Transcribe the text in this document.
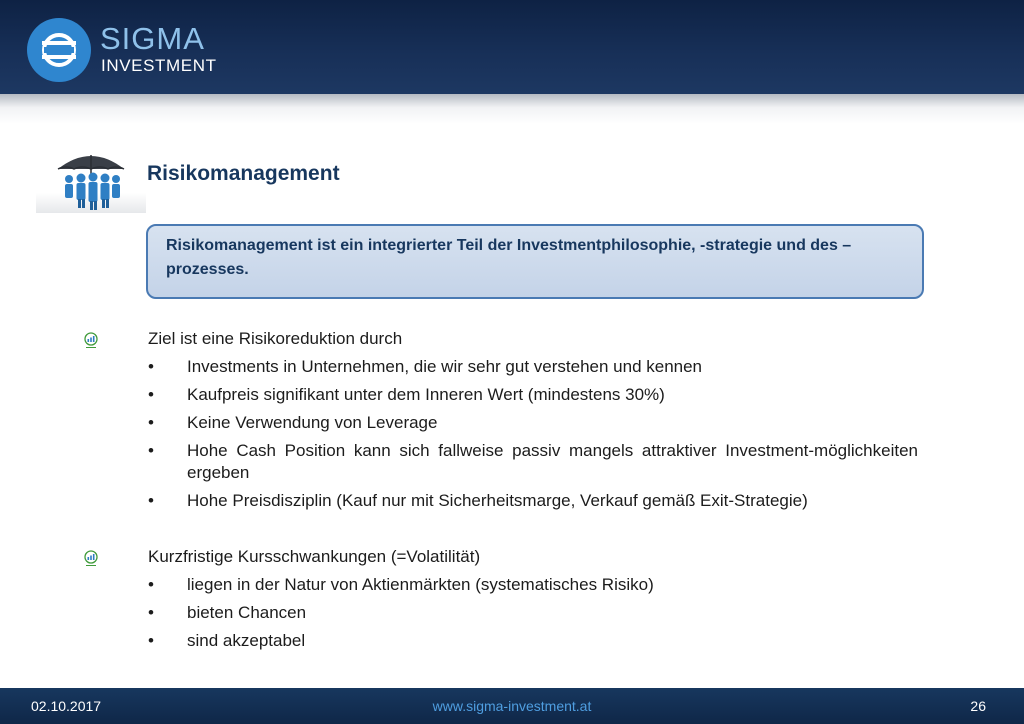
SIGMA
INVESTMENT
Risikomanagement
Risikomanagement ist ein integrierter Teil der Investmentphilosophie, -strategie und des –prozesses.
Ziel ist eine Risikoreduktion durch
• Investments in Unternehmen, die wir sehr gut verstehen und kennen
• Kaufpreis signifikant unter dem Inneren Wert (mindestens 30%)
• Keine Verwendung von Leverage
• Hohe Cash Position kann sich fallweise passiv mangels attraktiver Investment-möglichkeiten ergeben
• Hohe Preisdisziplin (Kauf nur mit Sicherheitsmarge, Verkauf gemäß Exit-Strategie)
Kurzfristige Kursschwankungen (=Volatilität)
• liegen in der Natur von Aktienmärkten (systematisches Risiko)
• bieten Chancen
• sind akzeptabel
02.10.2017	www.sigma-investment.at	26
